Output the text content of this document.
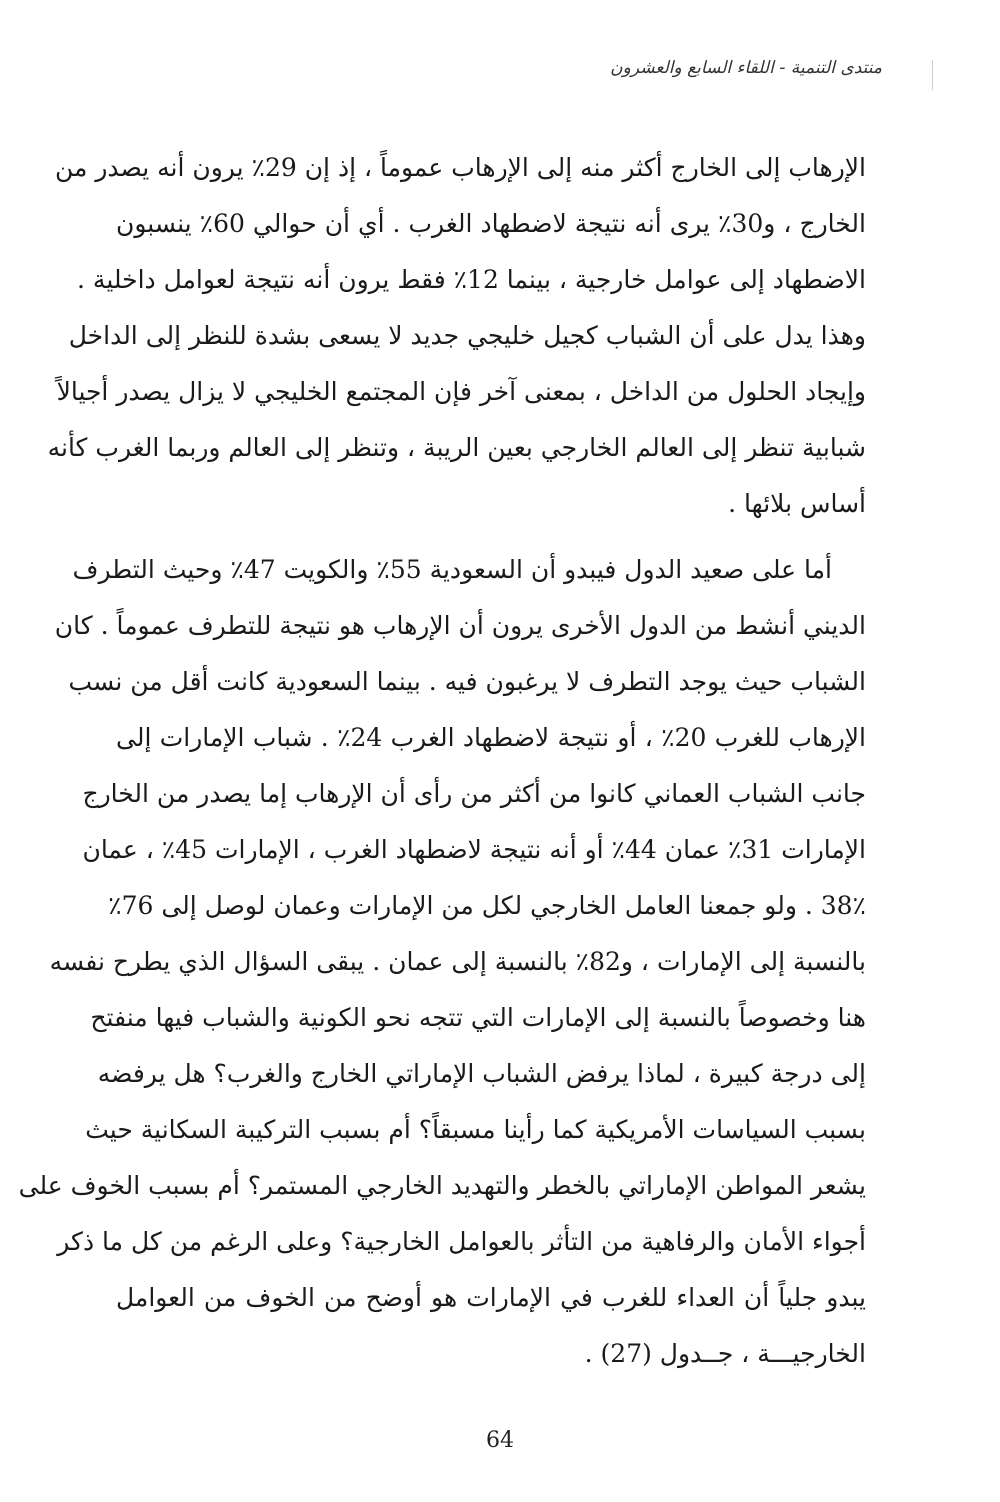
منتدى التنمية - اللقاء السابع والعشرون
الإرهاب إلى الخارج أكثر منه إلى الإرهاب عموماً ، إذ إن 29٪ يرون أنه يصدر من
الخارج ، و30٪ يرى أنه نتيجة لاضطهاد الغرب . أي أن حوالي 60٪ ينسبون
الاضطهاد إلى عوامل خارجية ، بينما 12٪ فقط يرون أنه نتيجة لعوامل داخلية .
وهذا يدل على أن الشباب كجيل خليجي جديد لا يسعى بشدة للنظر إلى الداخل
وإيجاد الحلول من الداخل ، بمعنى آخر فإن المجتمع الخليجي لا يزال يصدر أجيالاً
شبابية تنظر إلى العالم الخارجي بعين الريبة ، وتنظر إلى العالم وربما الغرب كأنه
أساس بلائها .
أما على صعيد الدول فيبدو أن السعودية 55٪ والكويت 47٪ وحيث التطرف
الديني أنشط من الدول الأخرى يرون أن الإرهاب هو نتيجة للتطرف عموماً . كان
الشباب حيث يوجد التطرف لا يرغبون فيه . بينما السعودية كانت أقل من نسب
الإرهاب للغرب 20٪ ، أو نتيجة لاضطهاد الغرب 24٪ . شباب الإمارات إلى
جانب الشباب العماني كانوا من أكثر من رأى أن الإرهاب إما يصدر من الخارج
الإمارات 31٪ عمان 44٪ أو أنه نتيجة لاضطهاد الغرب ، الإمارات 45٪ ، عمان
38٪ . ولو جمعنا العامل الخارجي لكل من الإمارات وعمان لوصل إلى 76٪
بالنسبة إلى الإمارات ، و82٪ بالنسبة إلى عمان . يبقى السؤال الذي يطرح نفسه
هنا وخصوصاً بالنسبة إلى الإمارات التي تتجه نحو الكونية والشباب فيها منفتح
إلى درجة كبيرة ، لماذا يرفض الشباب الإماراتي الخارج والغرب؟ هل يرفضه
بسبب السياسات الأمريكية كما رأينا مسبقاً؟ أم بسبب التركيبة السكانية حيث
يشعر المواطن الإماراتي بالخطر والتهديد الخارجي المستمر؟ أم بسبب الخوف على
أجواء الأمان والرفاهية من التأثر بالعوامل الخارجية؟ وعلى الرغم من كل ما ذكر
يبدو جلياً أن العداء للغرب في الإمارات هو أوضح من الخوف من العوامل
الخارجيـــة ، جــدول (27) .
64
